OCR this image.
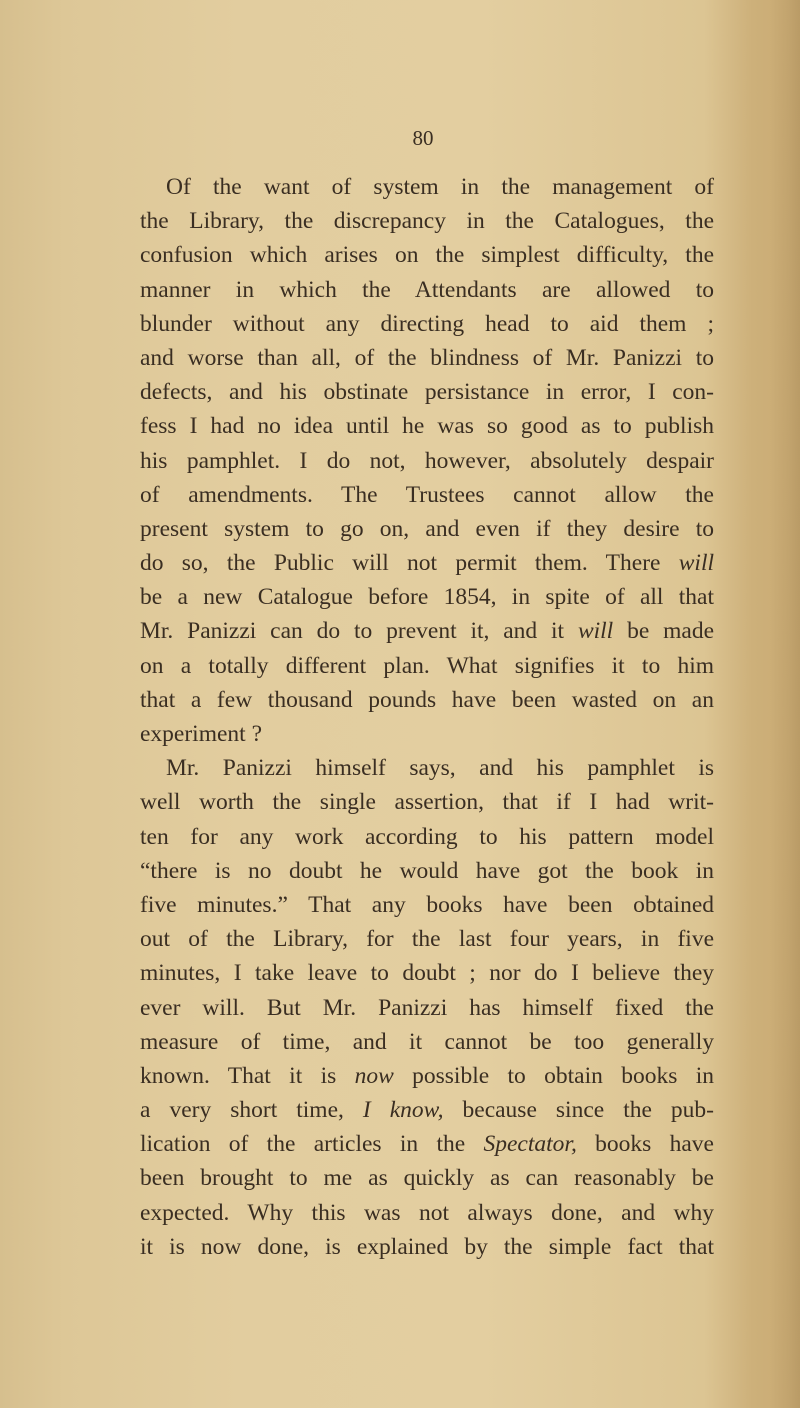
80
Of the want of system in the management of
the Library, the discrepancy in the Catalogues, the
confusion which arises on the simplest difficulty, the
manner in which the Attendants are allowed to
blunder without any directing head to aid them ;
and worse than all, of the blindness of Mr. Panizzi to
defects, and his obstinate persistance in error, I con-
fess I had no idea until he was so good as to publish
his pamphlet. I do not, however, absolutely despair
of amendments. The Trustees cannot allow the
present system to go on, and even if they desire to
do so, the Public will not permit them. There will
be a new Catalogue before 1854, in spite of all that
Mr. Panizzi can do to prevent it, and it will be made
on a totally different plan. What signifies it to him
that a few thousand pounds have been wasted on an
experiment ?
Mr. Panizzi himself says, and his pamphlet is
well worth the single assertion, that if I had writ-
ten for any work according to his pattern model
“there is no doubt he would have got the book in
five minutes.” That any books have been obtained
out of the Library, for the last four years, in five
minutes, I take leave to doubt ; nor do I believe they
ever will. But Mr. Panizzi has himself fixed the
measure of time, and it cannot be too generally
known. That it is now possible to obtain books in
a very short time, I know, because since the pub-
lication of the articles in the Spectator, books have
been brought to me as quickly as can reasonably be
expected. Why this was not always done, and why
it is now done, is explained by the simple fact that
